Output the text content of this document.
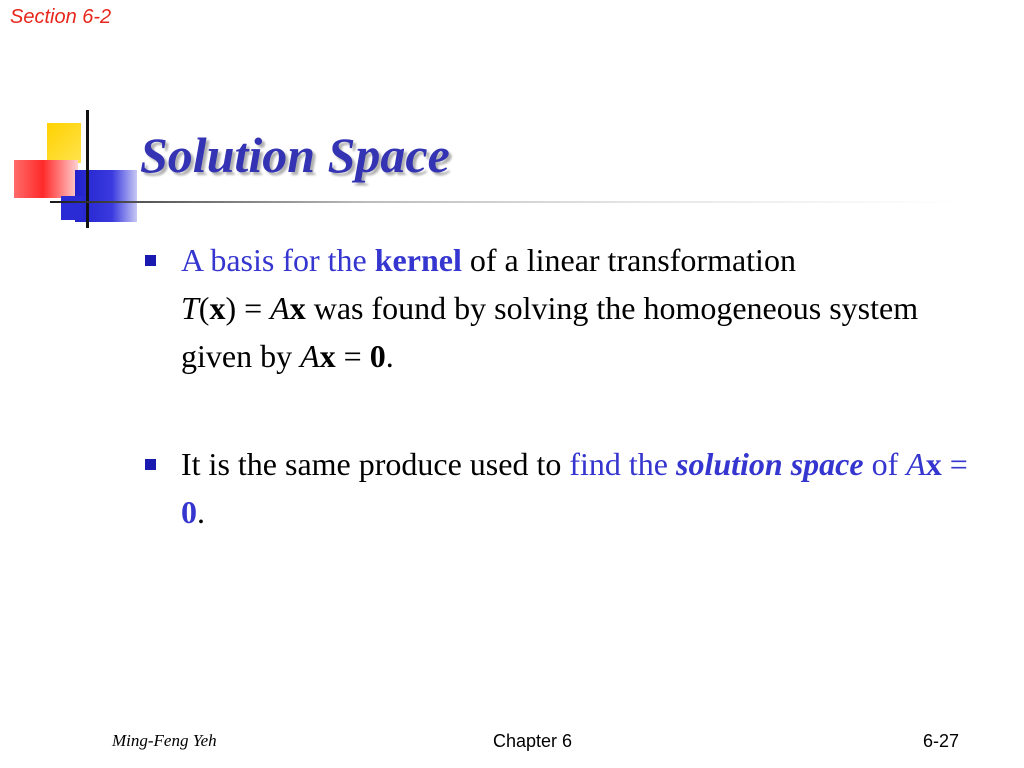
Section 6-2
Solution Space
A basis for the kernel of a linear transformation
T(x) = Ax was found by solving the homogeneous system given by Ax = 0.
It is the same produce used to find the solution space of Ax = 0.
Ming-Feng Yeh	Chapter 6	6-27
